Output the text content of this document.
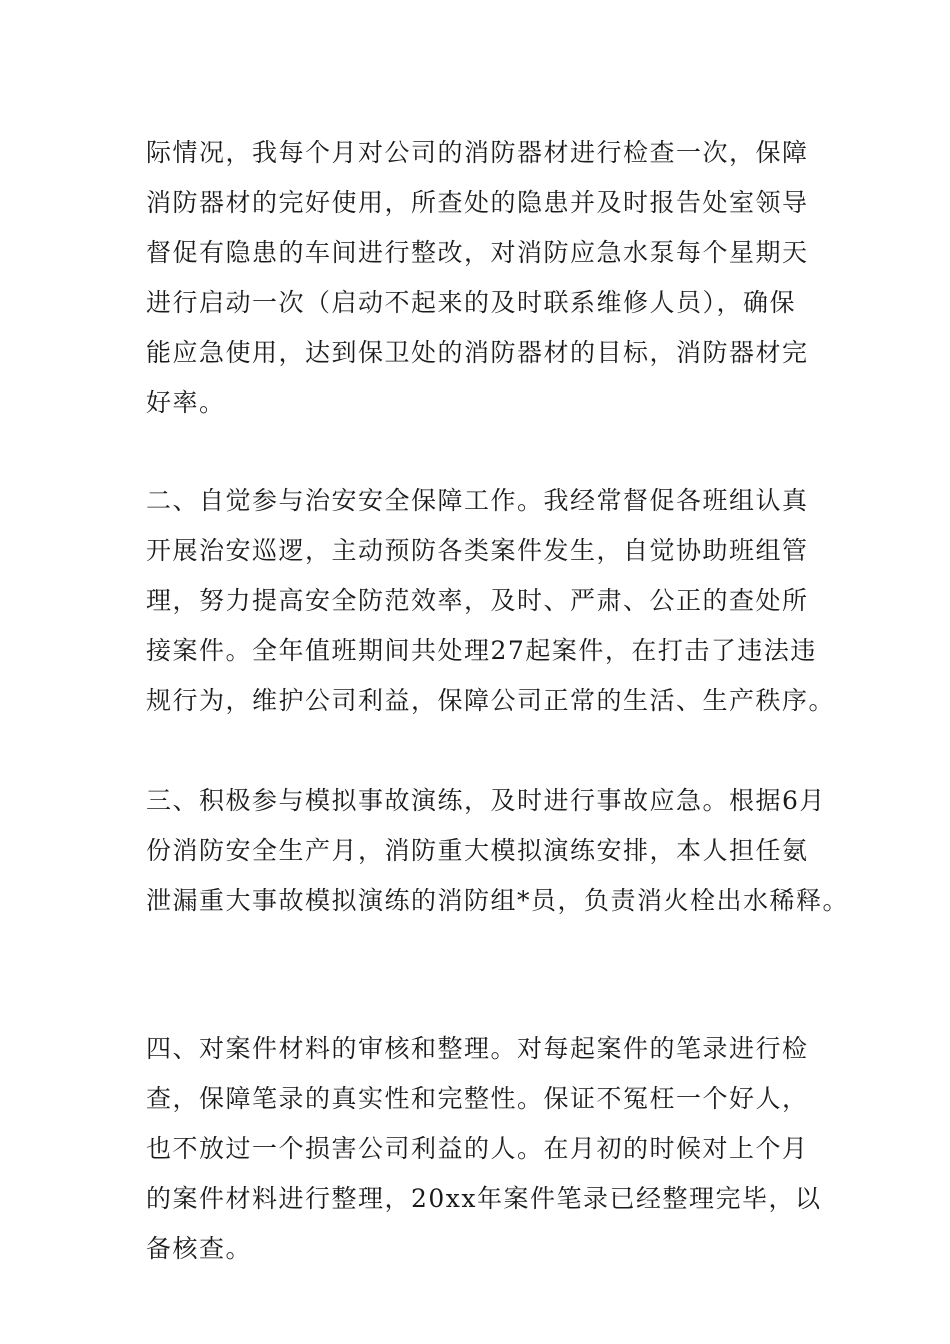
际情况，我每个月对公司的消防器材进行检查一次，保障
消防器材的完好使用，所查处的隐患并及时报告处室领导
督促有隐患的车间进行整改，对消防应急水泵每个星期天
进行启动一次（启动不起来的及时联系维修人员），确保
能应急使用，达到保卫处的消防器材的目标，消防器材完
好率。

二、自觉参与治安安全保障工作。我经常督促各班组认真
开展治安巡逻，主动预防各类案件发生，自觉协助班组管
理，努力提高安全防范效率，及时、严肃、公正的查处所
接案件。全年值班期间共处理27起案件，在打击了违法违
规行为，维护公司利益，保障公司正常的生活、生产秩序。

三、积极参与模拟事故演练，及时进行事故应急。根据6月
份消防安全生产月，消防重大模拟演练安排，本人担任氨
泄漏重大事故模拟演练的消防组*员，负责消火栓出水稀释。

四、对案件材料的审核和整理。对每起案件的笔录进行检
查，保障笔录的真实性和完整性。保证不冤枉一个好人，
也不放过一个损害公司利益的人。在月初的时候对上个月
的案件材料进行整理，20xx年案件笔录已经整理完毕，以
备核查。
